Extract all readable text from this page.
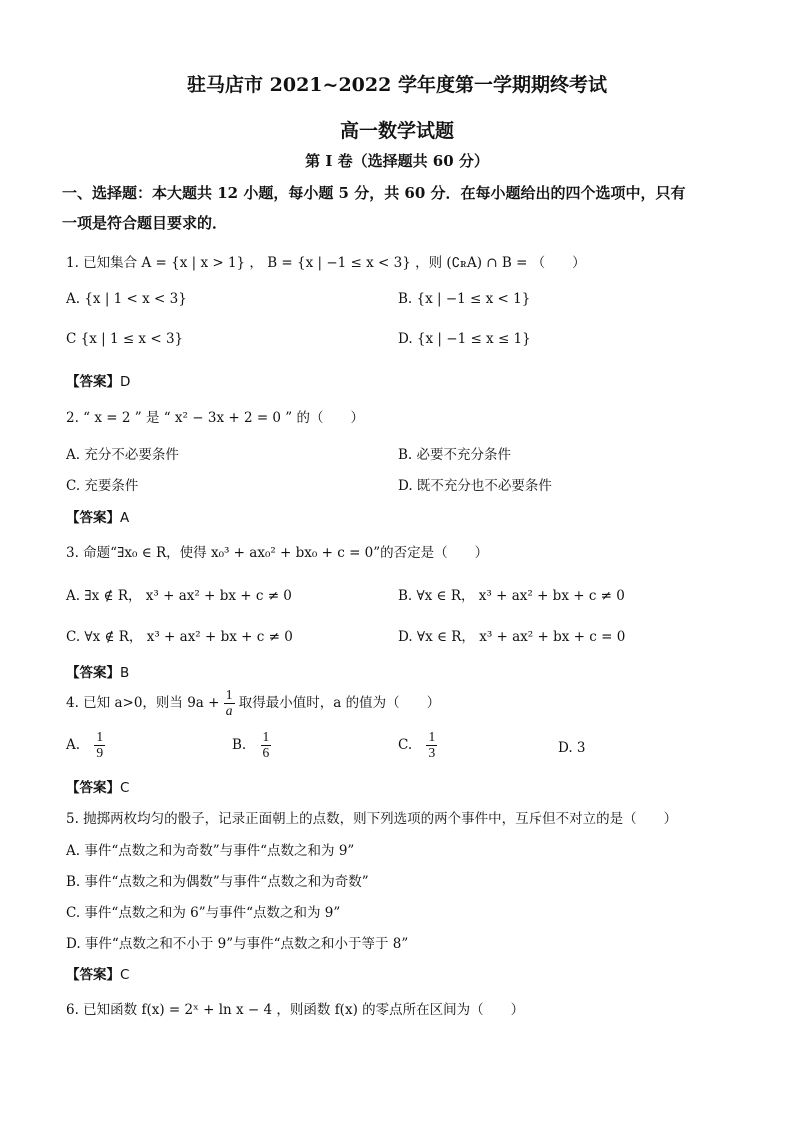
驻马店市 2021~2022 学年度第一学期期终考试
高一数学试题
第 I 卷（选择题共 60 分）
一、选择题：本大题共 12 小题，每小题 5 分，共 60 分．在每小题给出的四个选项中，只有
一项是符合题目要求的．
1. 已知集合 A = {x | x > 1} ， B = {x | −1 ≤ x < 3} ，则 (∁ꭱA) ∩ B = （　　）
A. {x | 1 < x < 3}	B. {x | −1 ≤ x < 1}
C {x | 1 ≤ x < 3}	D. {x | −1 ≤ x ≤ 1}
【答案】D
2. “ x = 2 ” 是 “ x² − 3x + 2 = 0 ” 的（　　）
A. 充分不必要条件	B. 必要不充分条件
C. 充要条件	D. 既不充分也不必要条件
【答案】A
3. 命题“∃x₀ ∈ R，使得 x₀³ + ax₀² + bx₀ + c = 0”的否定是（　　）
A. ∃x ∉ R， x³ + ax² + bx + c ≠ 0	B. ∀x ∈ R， x³ + ax² + bx + c ≠ 0
C. ∀x ∉ R， x³ + ax² + bx + c ≠ 0	D. ∀x ∈ R， x³ + ax² + bx + c = 0
【答案】B
4. 已知 a>0，则当 $9a + \frac{1}{a}$ 取得最小值时，a 的值为（　　）
A. $\frac{1}{9}$	B. $\frac{1}{6}$	C. $\frac{1}{3}$	D. 3
【答案】C
5. 抛掷两枚均匀的骰子，记录正面朝上的点数，则下列选项的两个事件中，互斥但不对立的是（　　）
A. 事件“点数之和为奇数”与事件“点数之和为 9”
B. 事件“点数之和为偶数”与事件“点数之和为奇数”
C. 事件“点数之和为 6”与事件“点数之和为 9”
D. 事件“点数之和不小于 9”与事件“点数之和小于等于 8”
【答案】C
6. 已知函数 f(x) = 2ˣ + ln x − 4 ，则函数 f(x) 的零点所在区间为（　　）
